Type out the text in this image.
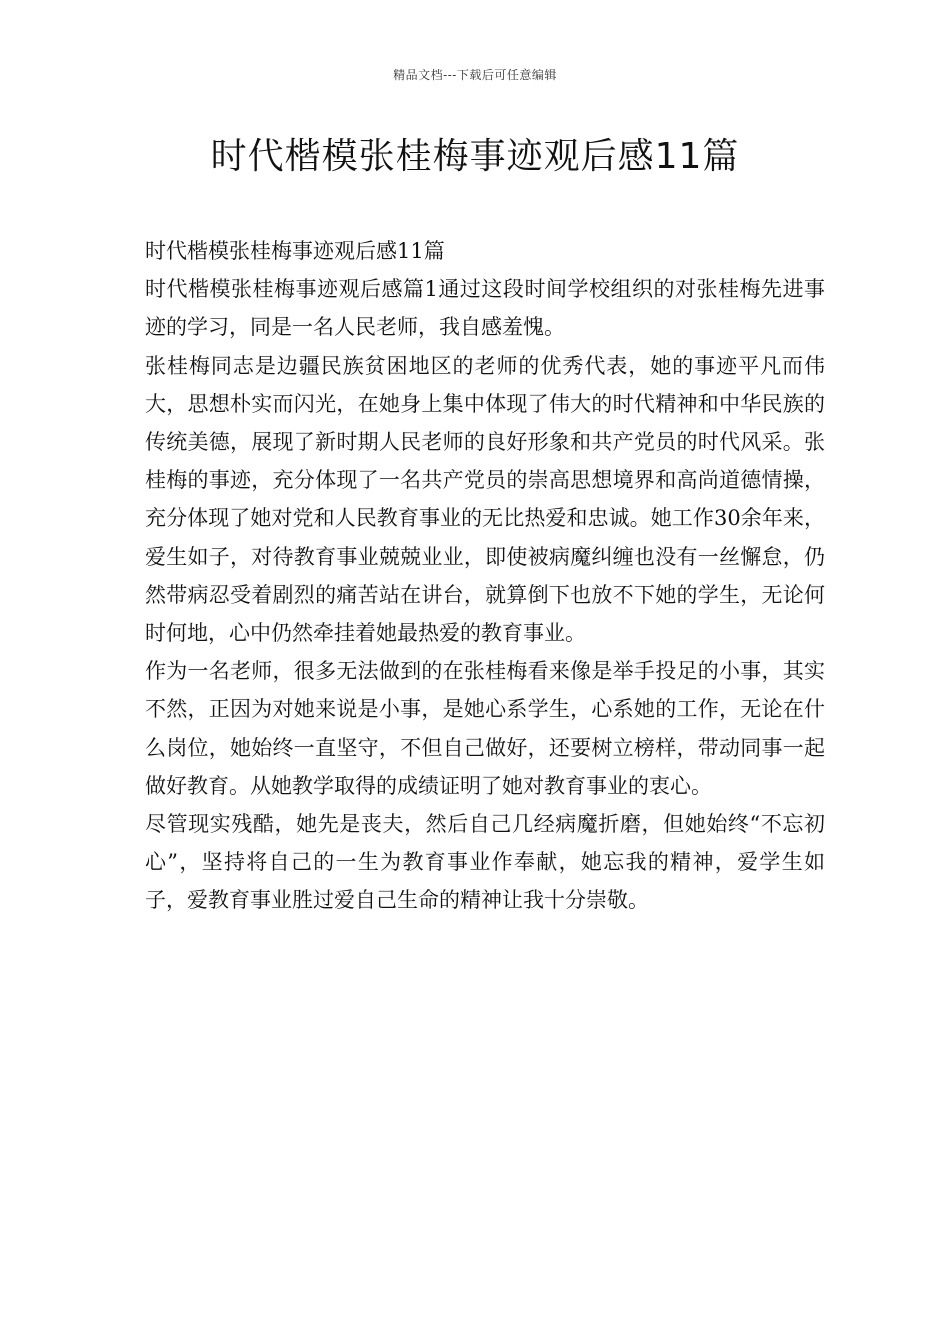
精品文档---下载后可任意编辑
时代楷模张桂梅事迹观后感11篇

时代楷模张桂梅事迹观后感11篇

时代楷模张桂梅事迹观后感篇1通过这段时间学校组织的对张桂梅先进事迹的学习，同是一名人民老师，我自感羞愧。

张桂梅同志是边疆民族贫困地区的老师的优秀代表，她的事迹平凡而伟大，思想朴实而闪光，在她身上集中体现了伟大的时代精神和中华民族的传统美德，展现了新时期人民老师的良好形象和共产党员的时代风采。张桂梅的事迹，充分体现了一名共产党员的崇高思想境界和高尚道德情操，充分体现了她对党和人民教育事业的无比热爱和忠诚。她工作30余年来，爱生如子，对待教育事业兢兢业业，即使被病魔纠缠也没有一丝懈怠，仍然带病忍受着剧烈的痛苦站在讲台，就算倒下也放不下她的学生，无论何时何地，心中仍然牵挂着她最热爱的教育事业。

作为一名老师，很多无法做到的在张桂梅看来像是举手投足的小事，其实不然，正因为对她来说是小事，是她心系学生，心系她的工作，无论在什么岗位，她始终一直坚守，不但自己做好，还要树立榜样，带动同事一起做好教育。从她教学取得的成绩证明了她对教育事业的衷心。

尽管现实残酷，她先是丧夫，然后自己几经病魔折磨，但她始终“不忘初心”，坚持将自己的一生为教育事业作奉献，她忘我的精神，爱学生如子，爱教育事业胜过爱自己生命的精神让我十分崇敬。
